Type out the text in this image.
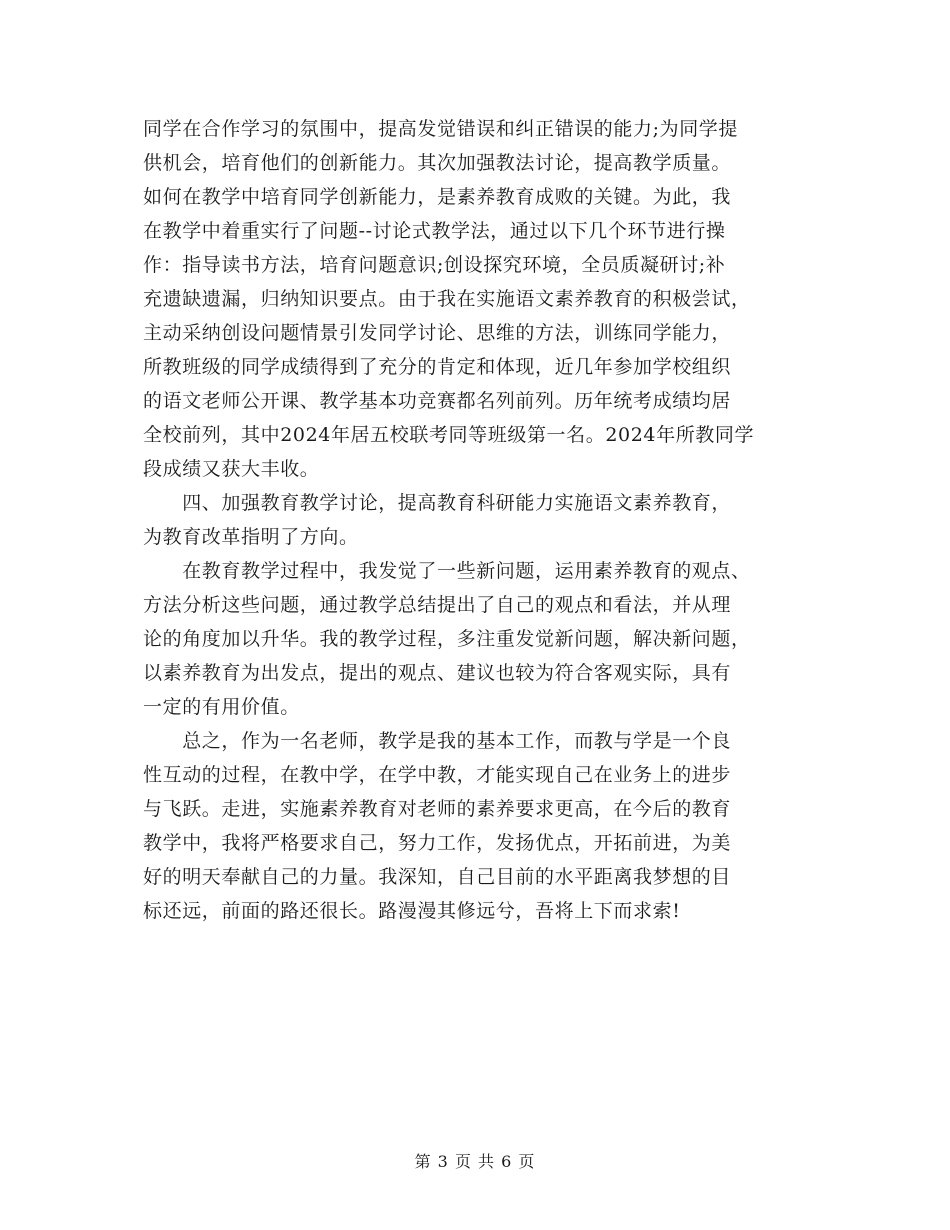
同学在合作学习的氛围中，提高发觉错误和纠正错误的能力;为同学提
供机会，培育他们的创新能力。其次加强教法讨论，提高教学质量。
如何在教学中培育同学创新能力，是素养教育成败的关键。为此，我
在教学中着重实行了问题--讨论式教学法，通过以下几个环节进行操
作：指导读书方法，培育问题意识;创设探究环境，全员质凝研讨;补
充遗缺遗漏，归纳知识要点。由于我在实施语文素养教育的积极尝试，
主动采纳创设问题情景引发同学讨论、思维的方法，训练同学能力，
所教班级的同学成绩得到了充分的肯定和体现，近几年参加学校组织
的语文老师公开课、教学基本功竞赛都名列前列。历年统考成绩均居
全校前列，其中2024年居五校联考同等班级第一名。2024年所教同学
段成绩又获大丰收。
　　四、加强教育教学讨论，提高教育科研能力实施语文素养教育，
为教育改革指明了方向。
　　在教育教学过程中，我发觉了一些新问题，运用素养教育的观点、
方法分析这些问题，通过教学总结提出了自己的观点和看法，并从理
论的角度加以升华。我的教学过程，多注重发觉新问题，解决新问题，
以素养教育为出发点，提出的观点、建议也较为符合客观实际，具有
一定的有用价值。
　　总之，作为一名老师，教学是我的基本工作，而教与学是一个良
性互动的过程，在教中学，在学中教，才能实现自己在业务上的进步
与飞跃。走进，实施素养教育对老师的素养要求更高，在今后的教育
教学中，我将严格要求自己，努力工作，发扬优点，开拓前进，为美
好的明天奉献自己的力量。我深知，自己目前的水平距离我梦想的目
标还远，前面的路还很长。路漫漫其修远兮，吾将上下而求索!
第 3 页 共 6 页
